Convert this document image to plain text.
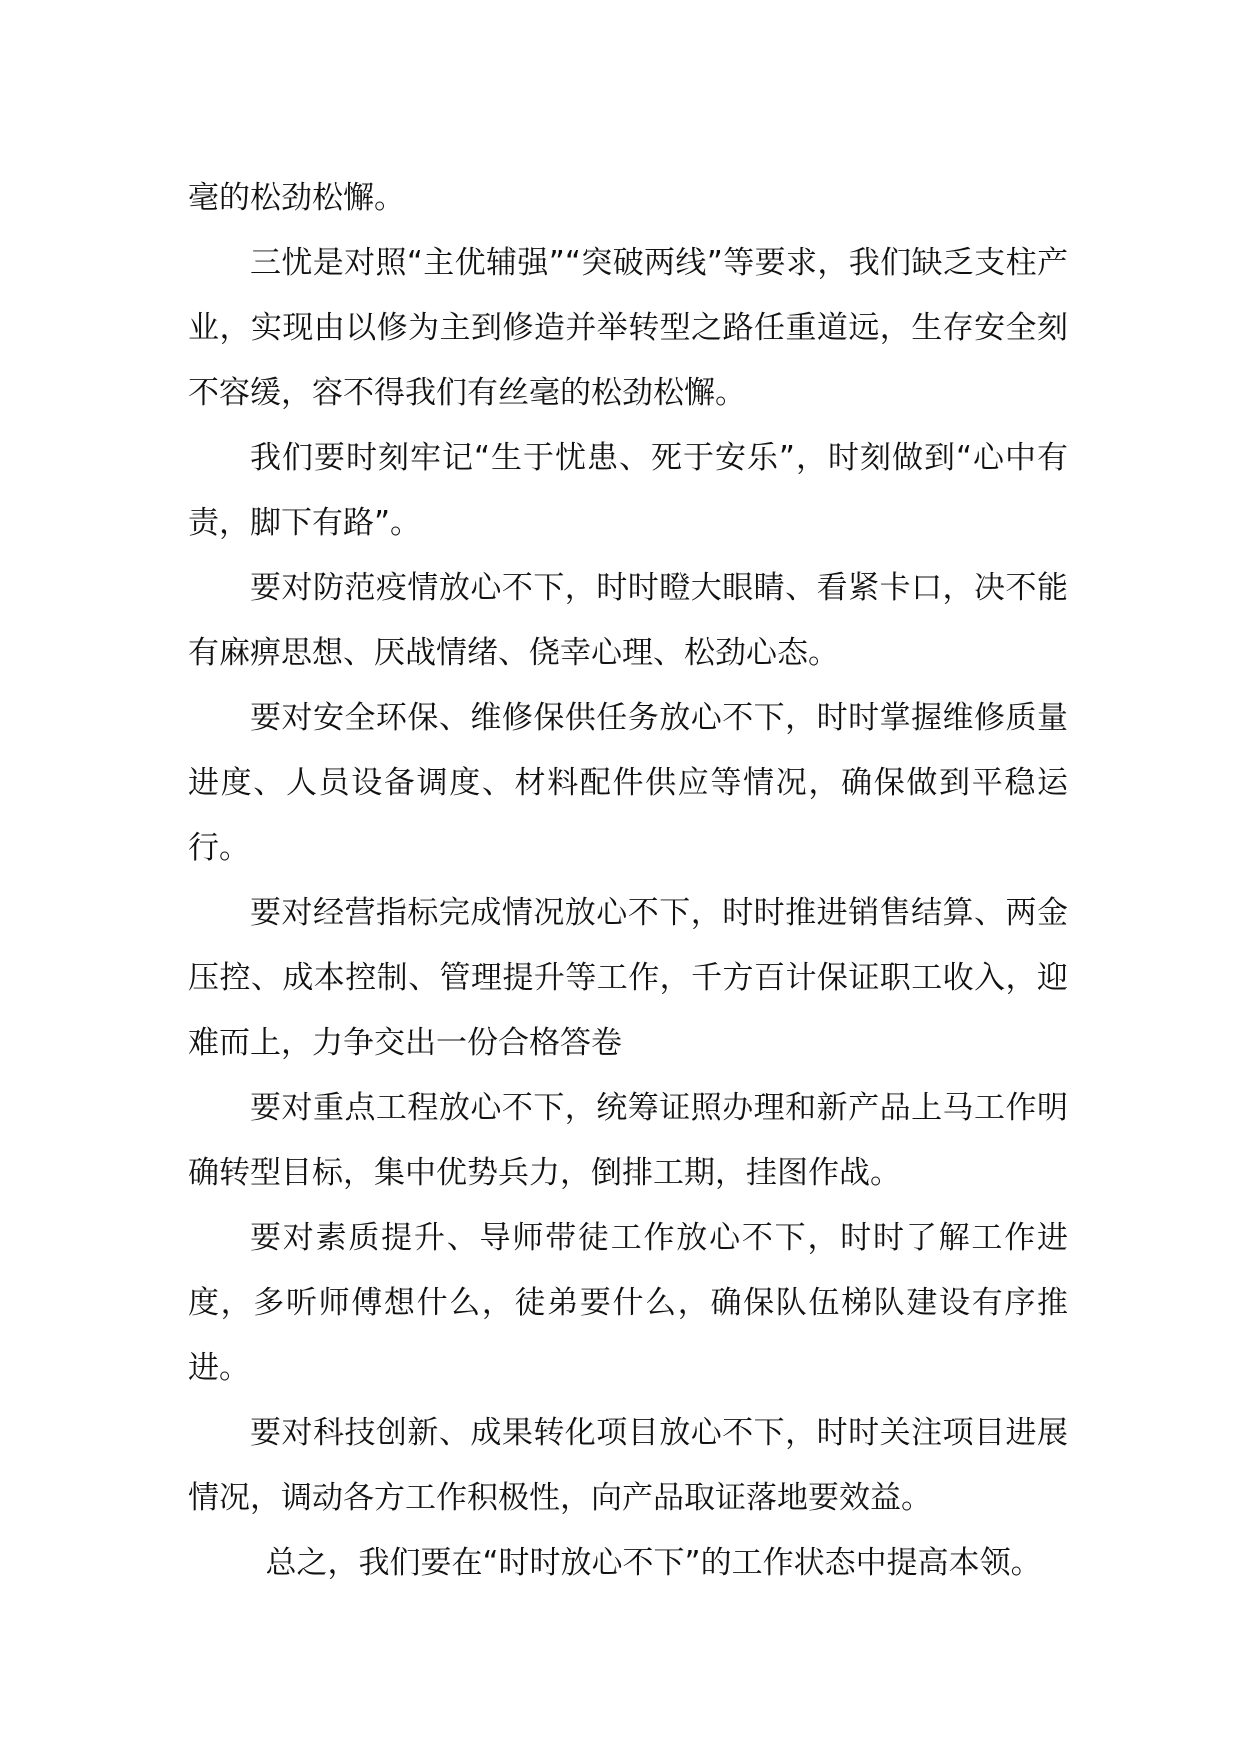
毫的松劲松懈。

三忧是对照“主优辅强”“突破两线”等要求，我们缺乏支柱产业，实现由以修为主到修造并举转型之路任重道远，生存安全刻不容缓，容不得我们有丝毫的松劲松懈。

我们要时刻牢记“生于忧患、死于安乐”，时刻做到“心中有责，脚下有路”。

要对防范疫情放心不下，时时瞪大眼睛、看紧卡口，决不能有麻痹思想、厌战情绪、侥幸心理、松劲心态。

要对安全环保、维修保供任务放心不下，时时掌握维修质量进度、人员设备调度、材料配件供应等情况，确保做到平稳运行。

要对经营指标完成情况放心不下，时时推进销售结算、两金压控、成本控制、管理提升等工作，千方百计保证职工收入，迎难而上，力争交出一份合格答卷

要对重点工程放心不下，统筹证照办理和新产品上马工作明确转型目标，集中优势兵力，倒排工期，挂图作战。

要对素质提升、导师带徒工作放心不下，时时了解工作进度，多听师傅想什么，徒弟要什么，确保队伍梯队建设有序推进。

要对科技创新、成果转化项目放心不下，时时关注项目进展情况，调动各方工作积极性，向产品取证落地要效益。

总之，我们要在“时时放心不下”的工作状态中提高本领。
